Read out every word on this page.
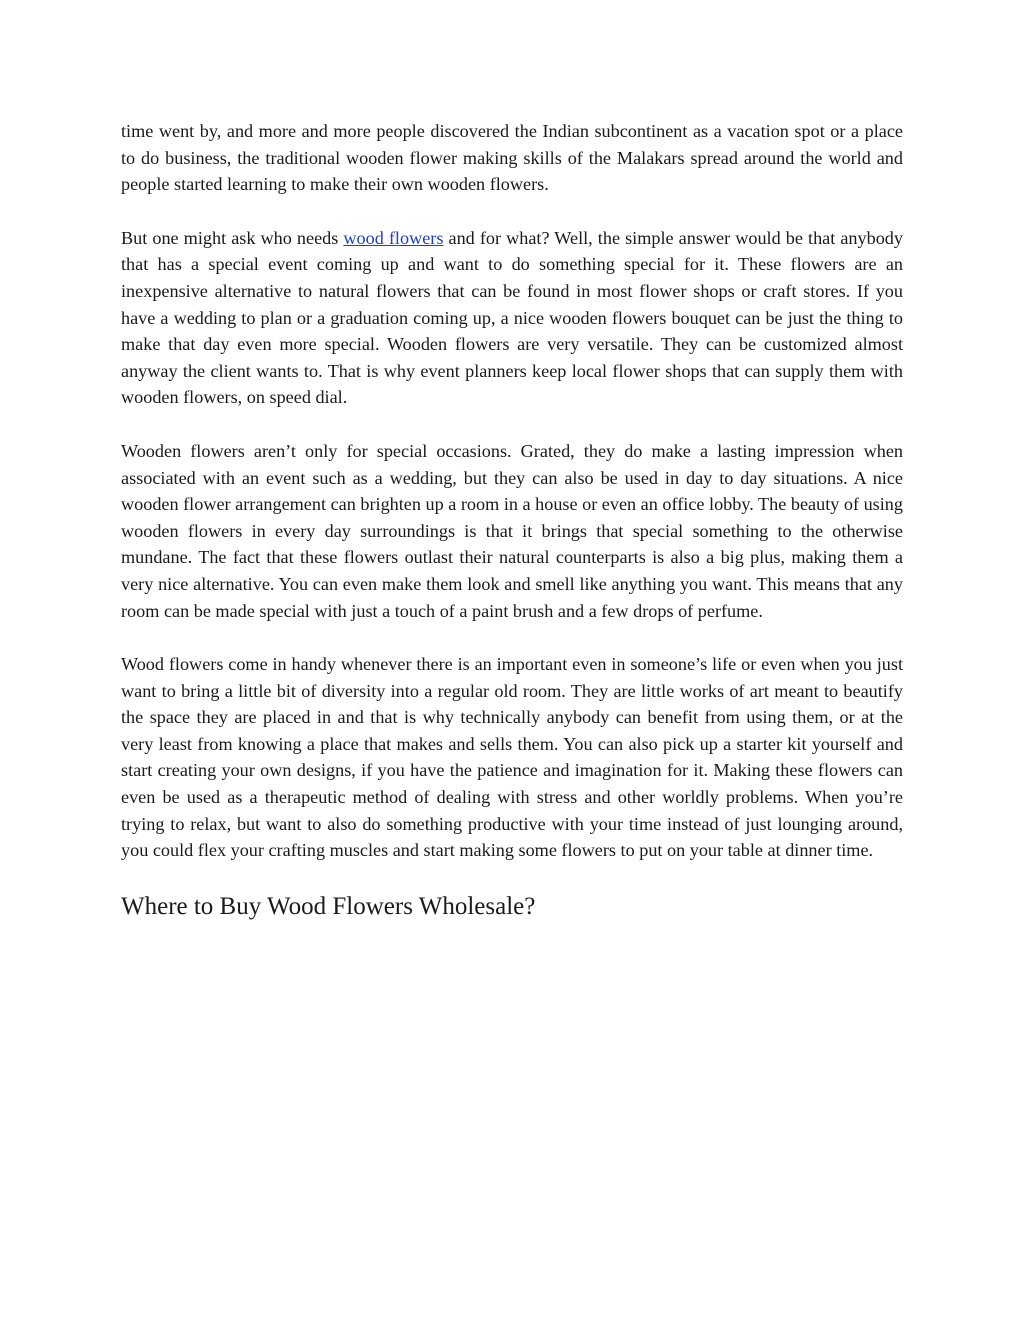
time went by, and more and more people discovered the Indian subcontinent as a vacation spot or a place to do business, the traditional wooden flower making skills of the Malakars spread around the world and people started learning to make their own wooden flowers.

But one might ask who needs wood flowers and for what? Well, the simple answer would be that anybody that has a special event coming up and want to do something special for it. These flowers are an inexpensive alternative to natural flowers that can be found in most flower shops or craft stores. If you have a wedding to plan or a graduation coming up, a nice wooden flowers bouquet can be just the thing to make that day even more special. Wooden flowers are very versatile. They can be customized almost anyway the client wants to. That is why event planners keep local flower shops that can supply them with wooden flowers, on speed dial.

Wooden flowers aren’t only for special occasions. Grated, they do make a lasting impression when associated with an event such as a wedding, but they can also be used in day to day situations. A nice wooden flower arrangement can brighten up a room in a house or even an office lobby. The beauty of using wooden flowers in every day surroundings is that it brings that special something to the otherwise mundane. The fact that these flowers outlast their natural counterparts is also a big plus, making them a very nice alternative. You can even make them look and smell like anything you want. This means that any room can be made special with just a touch of a paint brush and a few drops of perfume.

Wood flowers come in handy whenever there is an important even in someone’s life or even when you just want to bring a little bit of diversity into a regular old room. They are little works of art meant to beautify the space they are placed in and that is why technically anybody can benefit from using them, or at the very least from knowing a place that makes and sells them. You can also pick up a starter kit yourself and start creating your own designs, if you have the patience and imagination for it. Making these flowers can even be used as a therapeutic method of dealing with stress and other worldly problems. When you’re trying to relax, but want to also do something productive with your time instead of just lounging around, you could flex your crafting muscles and start making some flowers to put on your table at dinner time.

Where to Buy Wood Flowers Wholesale?
